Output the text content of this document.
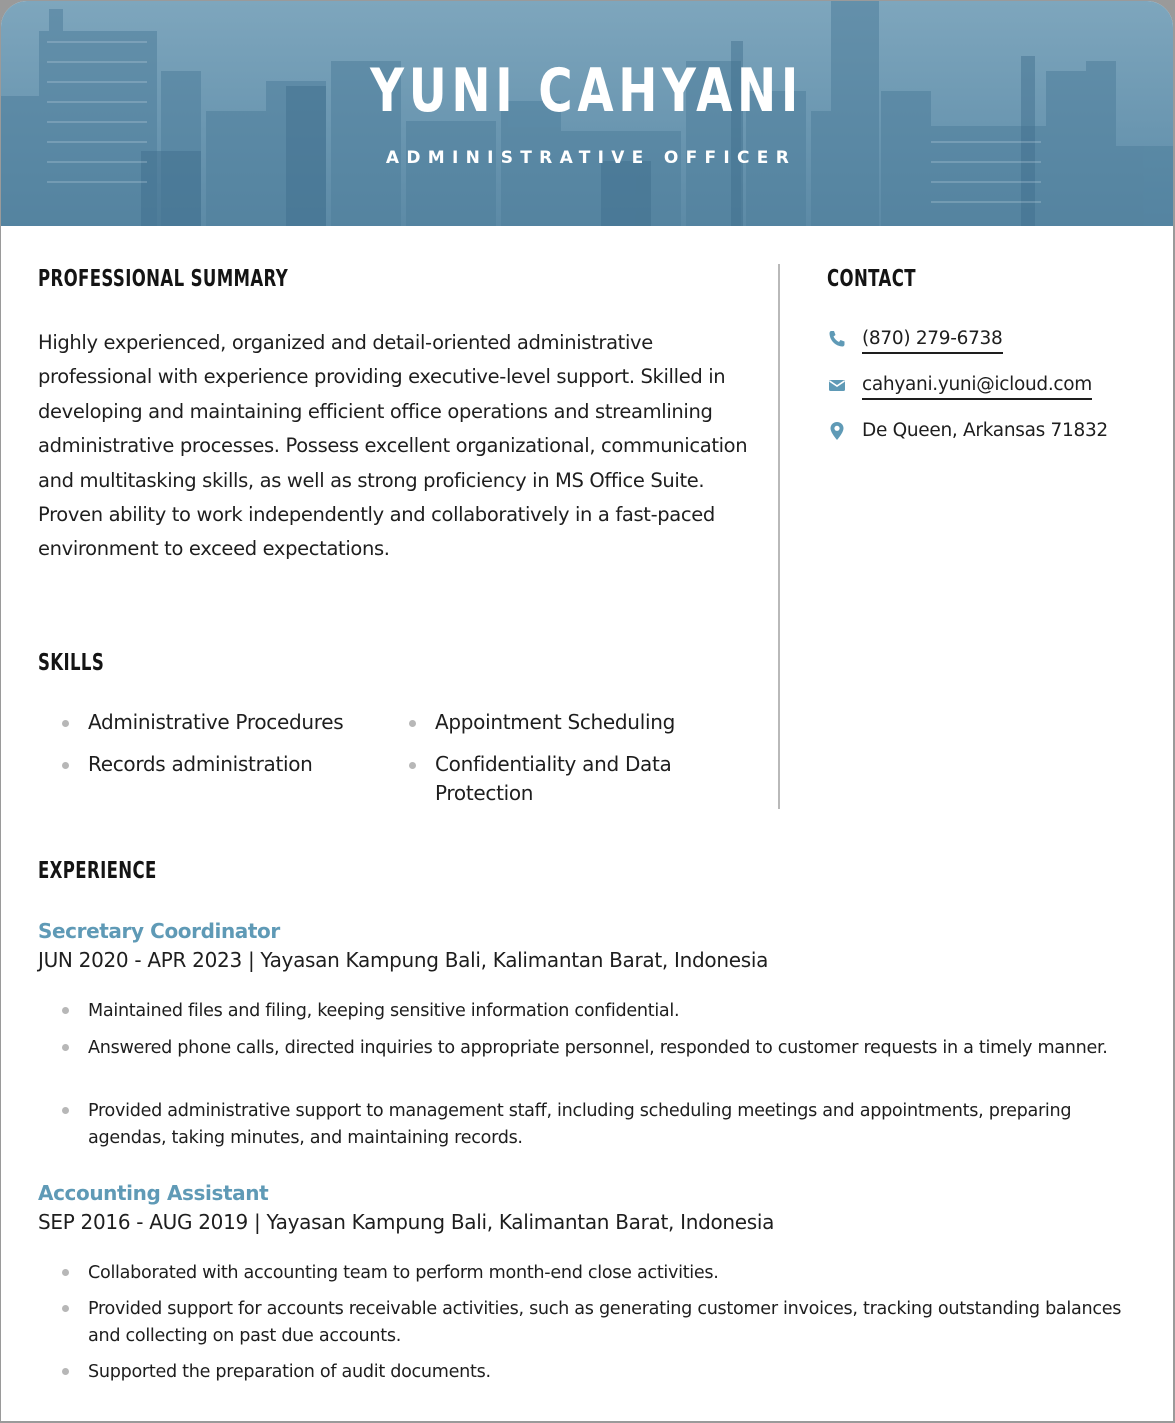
YUNI CAHYANI
ADMINISTRATIVE OFFICER
PROFESSIONAL SUMMARY
Highly experienced, organized and detail-oriented administrative professional with experience providing executive-level support. Skilled in developing and maintaining efficient office operations and streamlining administrative processes. Possess excellent organizational, communication and multitasking skills, as well as strong proficiency in MS Office Suite. Proven ability to work independently and collaboratively in a fast-paced environment to exceed expectations.
CONTACT
(870) 279-6738
cahyani.yuni@icloud.com
De Queen, Arkansas 71832
SKILLS
Administrative Procedures	Appointment Scheduling
Records administration	Confidentiality and Data Protection
EXPERIENCE
Secretary Coordinator
JUN 2020 - APR 2023 | Yayasan Kampung Bali, Kalimantan Barat, Indonesia
Maintained files and filing, keeping sensitive information confidential.
Answered phone calls, directed inquiries to appropriate personnel, responded to customer requests in a timely manner.
Provided administrative support to management staff, including scheduling meetings and appointments, preparing agendas, taking minutes, and maintaining records.
Accounting Assistant
SEP 2016 - AUG 2019 | Yayasan Kampung Bali, Kalimantan Barat, Indonesia
Collaborated with accounting team to perform month-end close activities.
Provided support for accounts receivable activities, such as generating customer invoices, tracking outstanding balances and collecting on past due accounts.
Supported the preparation of audit documents.
